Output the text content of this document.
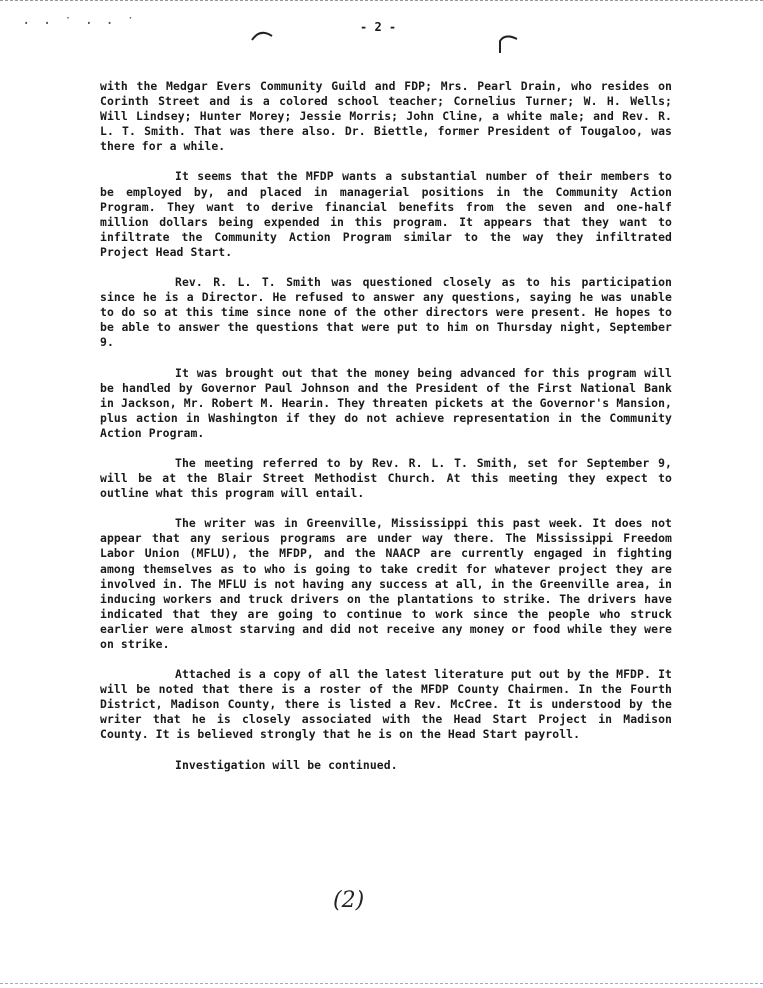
· · ˙ · · ˙	- 2 -

with the Medgar Evers Community Guild and FDP; Mrs. Pearl Drain, who resides on Corinth Street and is a colored school teacher; Cornelius Turner; W. H. Wells; Will Lindsey; Hunter Morey; Jessie Morris; John Cline, a white male; and Rev. R. L. T. Smith. That was there also. Dr. Biettle, former President of Tougaloo, was there for a while.

It seems that the MFDP wants a substantial number of their members to be employed by, and placed in managerial positions in the Community Action Program. They want to derive financial benefits from the seven and one-half million dollars being expended in this program. It appears that they want to infiltrate the Community Action Program similar to the way they infiltrated Project Head Start.

Rev. R. L. T. Smith was questioned closely as to his participation since he is a Director. He refused to answer any questions, saying he was unable to do so at this time since none of the other directors were present. He hopes to be able to answer the questions that were put to him on Thursday night, September 9.

It was brought out that the money being advanced for this program will be handled by Governor Paul Johnson and the President of the First National Bank in Jackson, Mr. Robert M. Hearin. They threaten pickets at the Governor's Mansion, plus action in Washington if they do not achieve representation in the Community Action Program.

The meeting referred to by Rev. R. L. T. Smith, set for September 9, will be at the Blair Street Methodist Church. At this meeting they expect to outline what this program will entail.

The writer was in Greenville, Mississippi this past week. It does not appear that any serious programs are under way there. The Mississippi Freedom Labor Union (MFLU), the MFDP, and the NAACP are currently engaged in fighting among themselves as to who is going to take credit for whatever project they are involved in. The MFLU is not having any success at all, in the Greenville area, in inducing workers and truck drivers on the plantations to strike. The drivers have indicated that they are going to continue to work since the people who struck earlier were almost starving and did not receive any money or food while they were on strike.

Attached is a copy of all the latest literature put out by the MFDP. It will be noted that there is a roster of the MFDP County Chairmen. In the Fourth District, Madison County, there is listed a Rev. McCree. It is understood by the writer that he is closely associated with the Head Start Project in Madison County. It is believed strongly that he is on the Head Start payroll.

Investigation will be continued.

(2)
